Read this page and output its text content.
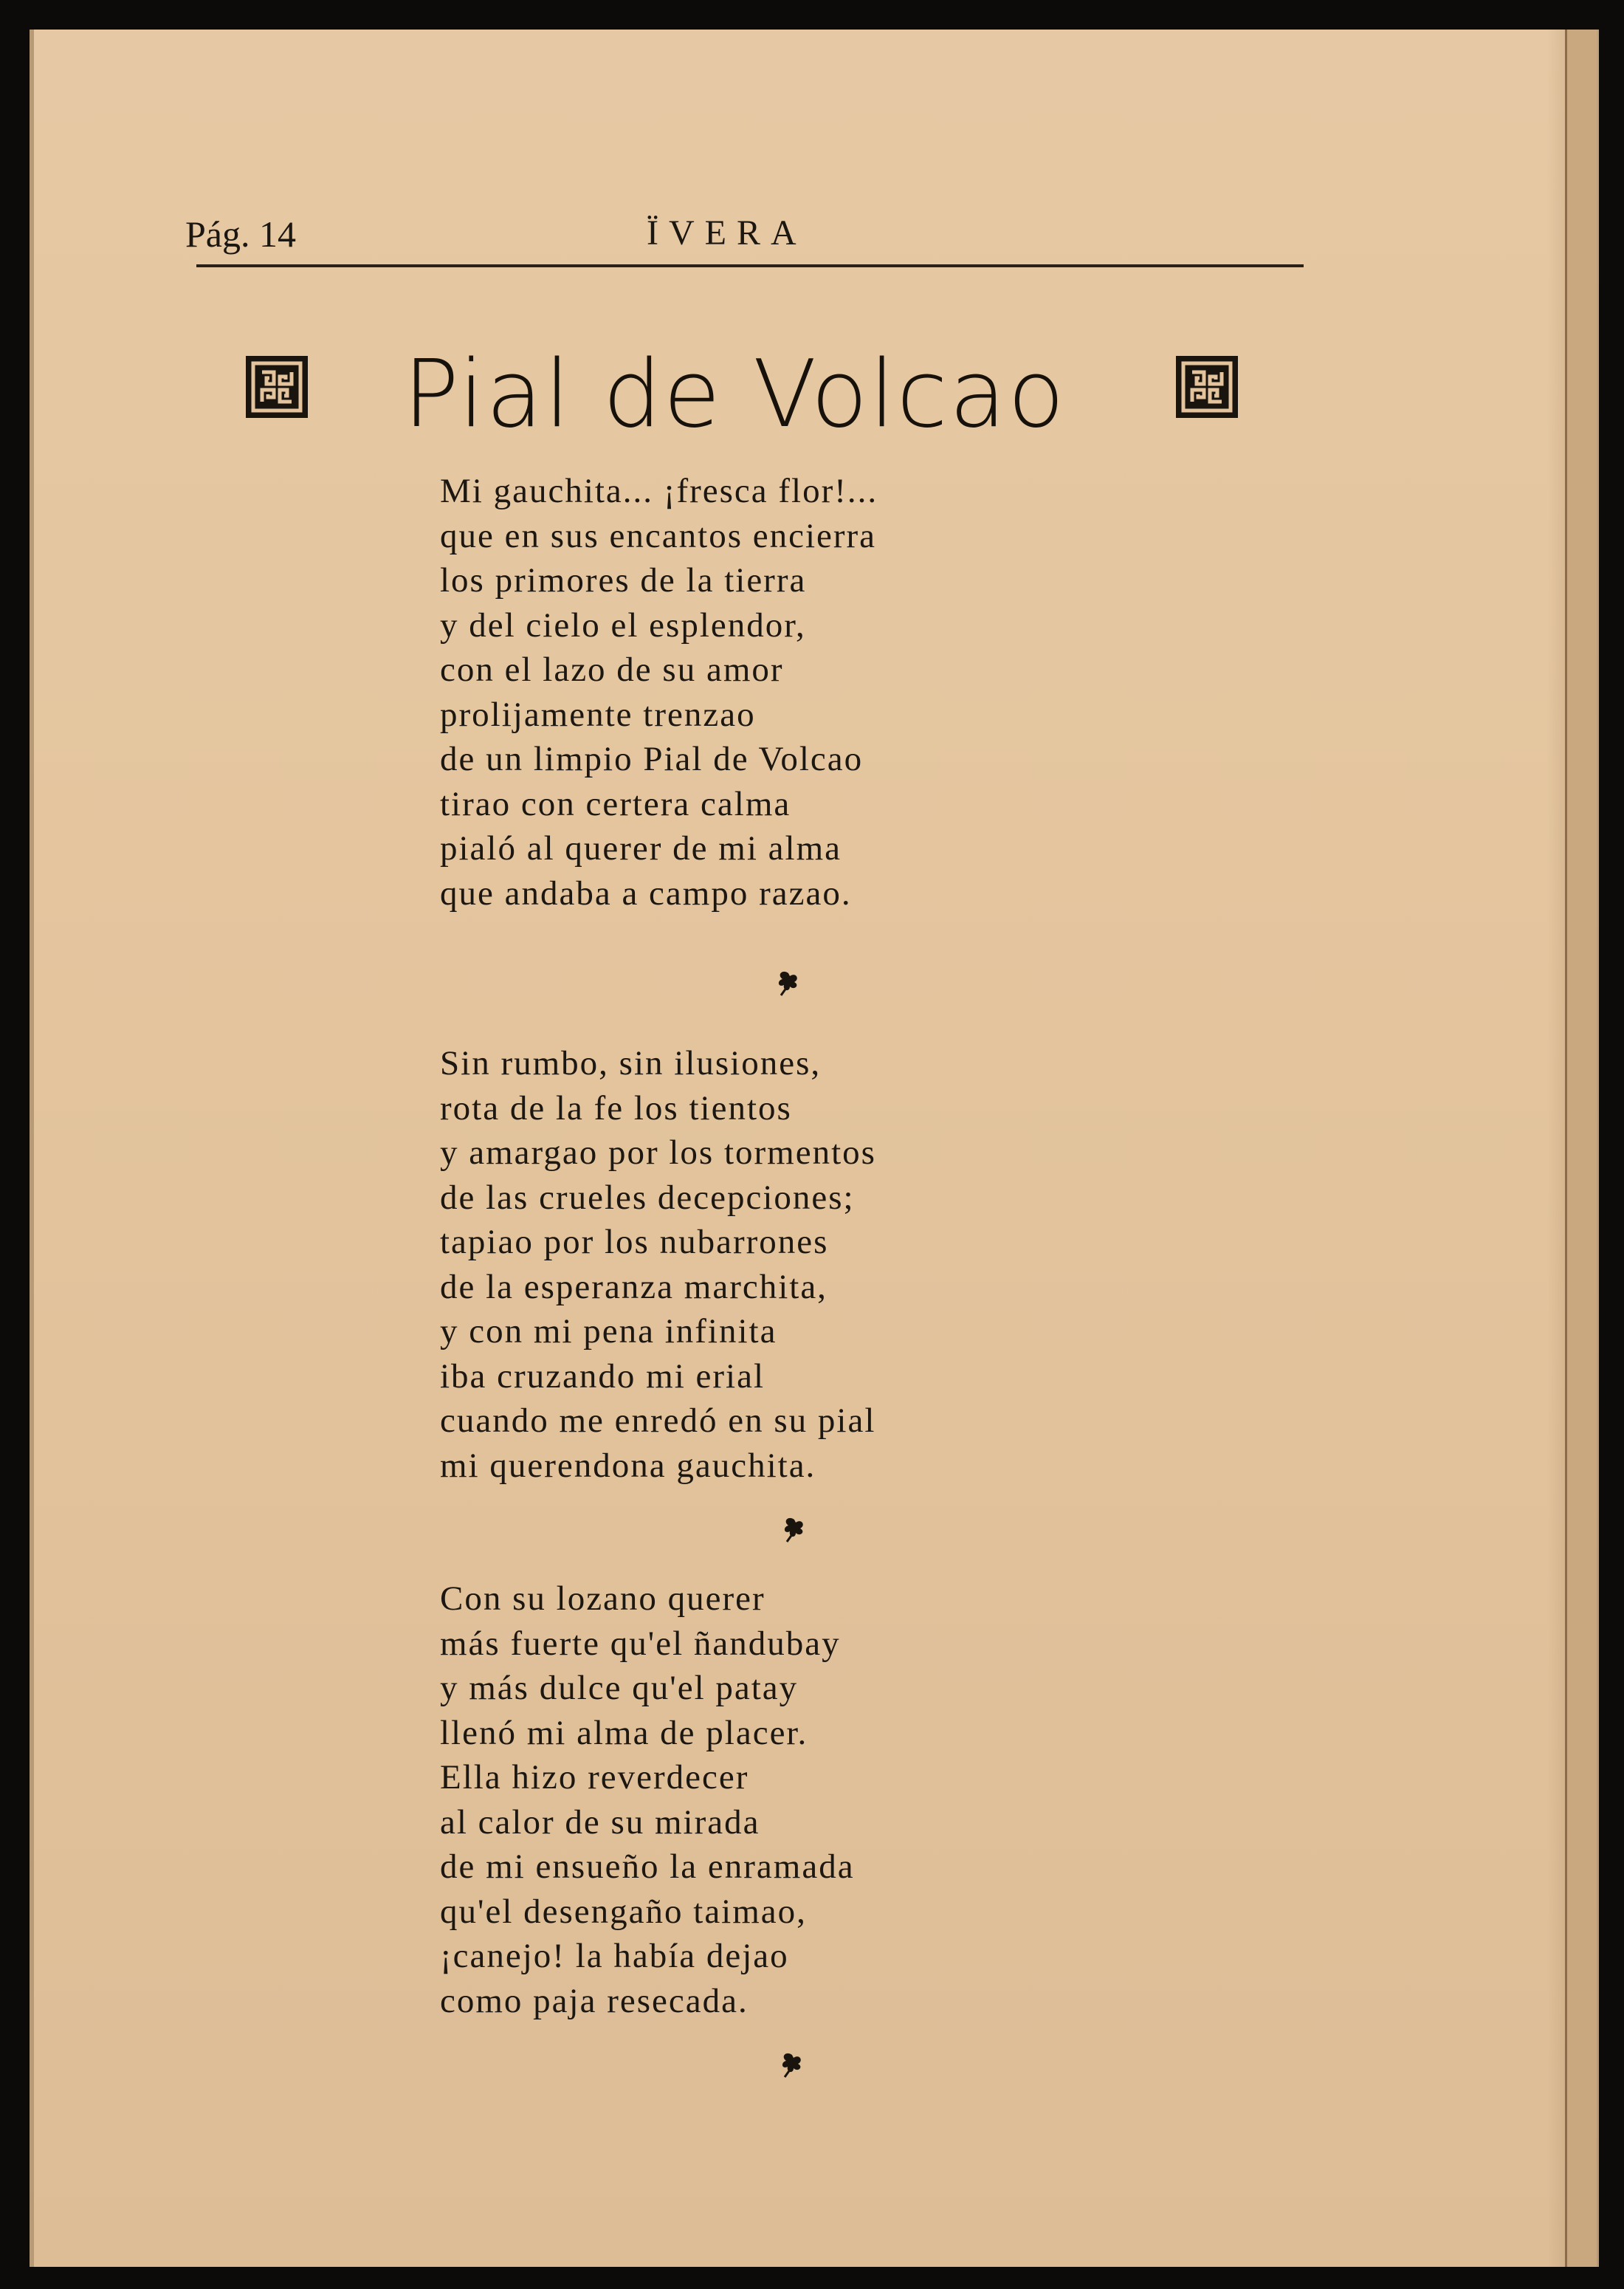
Pág. 14	ÏVERA
Pial de Volcao
Mi gauchita... ¡fresca flor!...
que en sus encantos encierra
los primores de la tierra
y del cielo el esplendor,
con el lazo de su amor
prolijamente trenzao
de un limpio Pial de Volcao
tirao con certera calma
pialó al querer de mi alma
que andaba a campo razao.
Sin rumbo, sin ilusiones,
rota de la fe los tientos
y amargao por los tormentos
de las crueles decepciones;
tapiao por los nubarrones
de la esperanza marchita,
y con mi pena infinita
iba cruzando mi erial
cuando me enredó en su pial
mi querendona gauchita.
Con su lozano querer
más fuerte qu'el ñandubay
y más dulce qu'el patay
llenó mi alma de placer.
Ella hizo reverdecer
al calor de su mirada
de mi ensueño la enramada
qu'el desengaño taimao,
¡canejo! la había dejao
como paja resecada.
